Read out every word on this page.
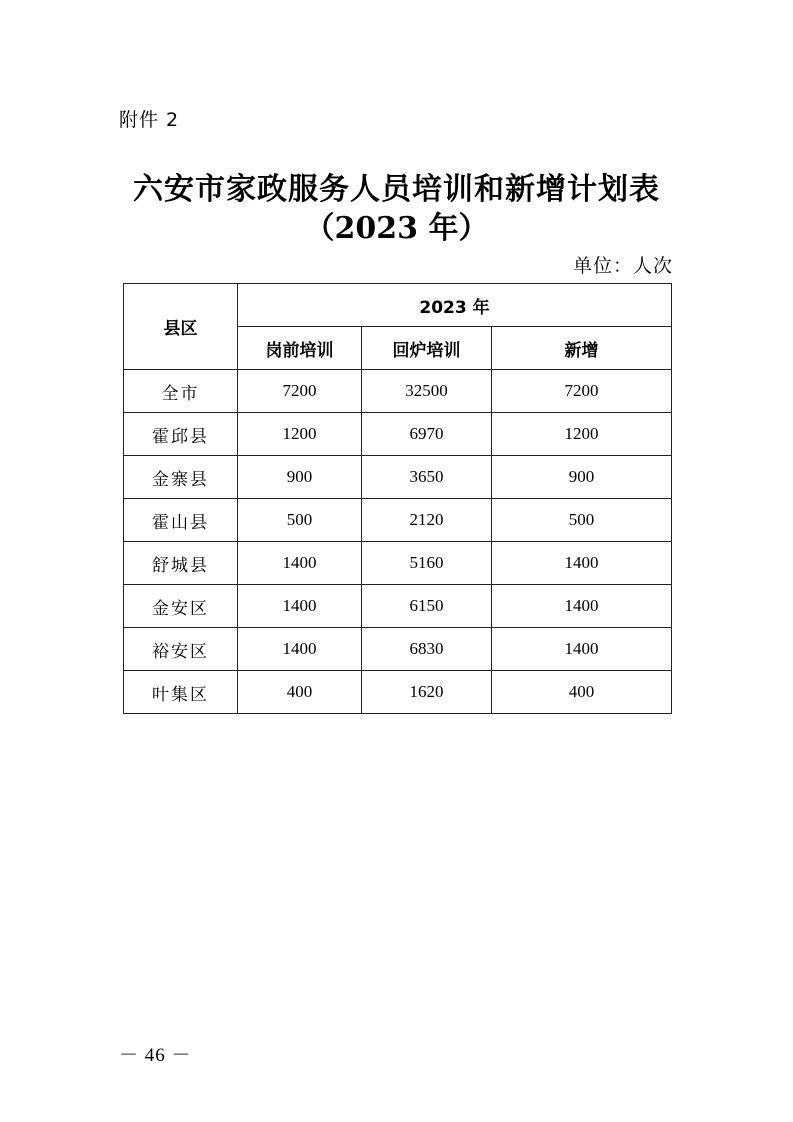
附件 2
六安市家政服务人员培训和新增计划表
（2023 年）
单位：人次
县区	2023 年		
	岗前培训	回炉培训	新增
全市	7200	32500	7200
霍邱县	1200	6970	1200
金寨县	900	3650	900
霍山县	500	2120	500
舒城县	1400	5160	1400
金安区	1400	6150	1400
裕安区	1400	6830	1400
叶集区	400	1620	400
－ 46 －
